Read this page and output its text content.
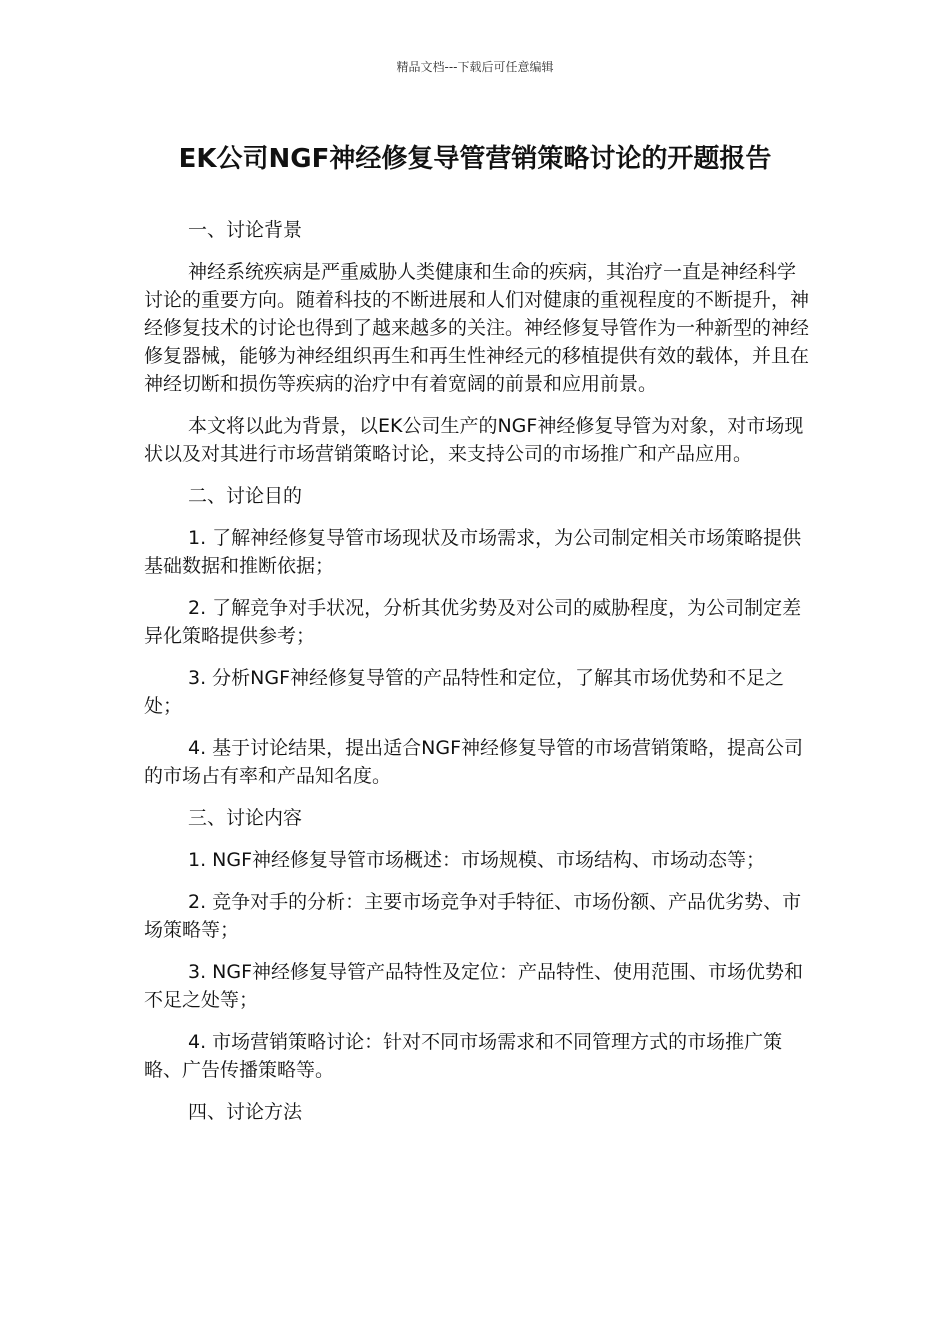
精品文档---下载后可任意编辑
EK公司NGF神经修复导管营销策略讨论的开题报告

一、讨论背景

神经系统疾病是严重威胁人类健康和生命的疾病，其治疗一直是神经科学讨论的重要方向。随着科技的不断进展和人们对健康的重视程度的不断提升，神经修复技术的讨论也得到了越来越多的关注。神经修复导管作为一种新型的神经修复器械，能够为神经组织再生和再生性神经元的移植提供有效的载体，并且在神经切断和损伤等疾病的治疗中有着宽阔的前景和应用前景。

本文将以此为背景，以EK公司生产的NGF神经修复导管为对象，对市场现状以及对其进行市场营销策略讨论，来支持公司的市场推广和产品应用。

二、讨论目的

1. 了解神经修复导管市场现状及市场需求，为公司制定相关市场策略提供基础数据和推断依据；

2. 了解竞争对手状况，分析其优劣势及对公司的威胁程度，为公司制定差异化策略提供参考；

3. 分析NGF神经修复导管的产品特性和定位，了解其市场优势和不足之处；

4. 基于讨论结果，提出适合NGF神经修复导管的市场营销策略，提高公司的市场占有率和产品知名度。

三、讨论内容

1. NGF神经修复导管市场概述：市场规模、市场结构、市场动态等；

2. 竞争对手的分析：主要市场竞争对手特征、市场份额、产品优劣势、市场策略等；

3. NGF神经修复导管产品特性及定位：产品特性、使用范围、市场优势和不足之处等；

4. 市场营销策略讨论：针对不同市场需求和不同管理方式的市场推广策略、广告传播策略等。

四、讨论方法
